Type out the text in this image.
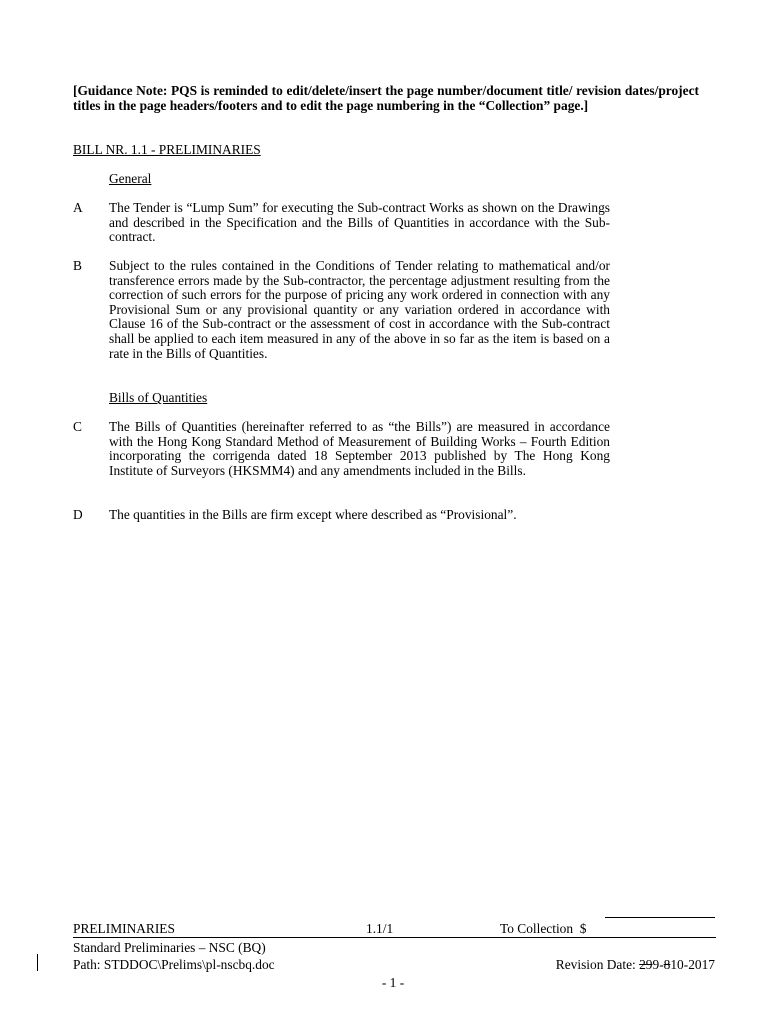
[Guidance Note: PQS is reminded to edit/delete/insert the page number/document title/ revision dates/project titles in the page headers/footers and to edit the page numbering in the “Collection” page.]
BILL NR. 1.1 - PRELIMINARIES
General
A The Tender is “Lump Sum” for executing the Sub-contract Works as shown on the Drawings and described in the Specification and the Bills of Quantities in accordance with the Sub-contract.
B Subject to the rules contained in the Conditions of Tender relating to mathematical and/or transference errors made by the Sub-contractor, the percentage adjustment resulting from the correction of such errors for the purpose of pricing any work ordered in connection with any Provisional Sum or any provisional quantity or any variation ordered in accordance with Clause 16 of the Sub-contract or the assessment of cost in accordance with the Sub-contract shall be applied to each item measured in any of the above in so far as the item is based on a rate in the Bills of Quantities.
Bills of Quantities
C The Bills of Quantities (hereinafter referred to as “the Bills”) are measured in accordance with the Hong Kong Standard Method of Measurement of Building Works – Fourth Edition incorporating the corrigenda dated 18 September 2013 published by The Hong Kong Institute of Surveyors (HKSMM4) and any amendments included in the Bills.
D The quantities in the Bills are firm except where described as “Provisional”.
PRELIMINARIES	1.1/1	To Collection  $
Standard Preliminaries – NSC (BQ)
Path: STDDOC\Prelims\pl-nscbq.doc	Revision Date: 299-810-2017
- 1 -
